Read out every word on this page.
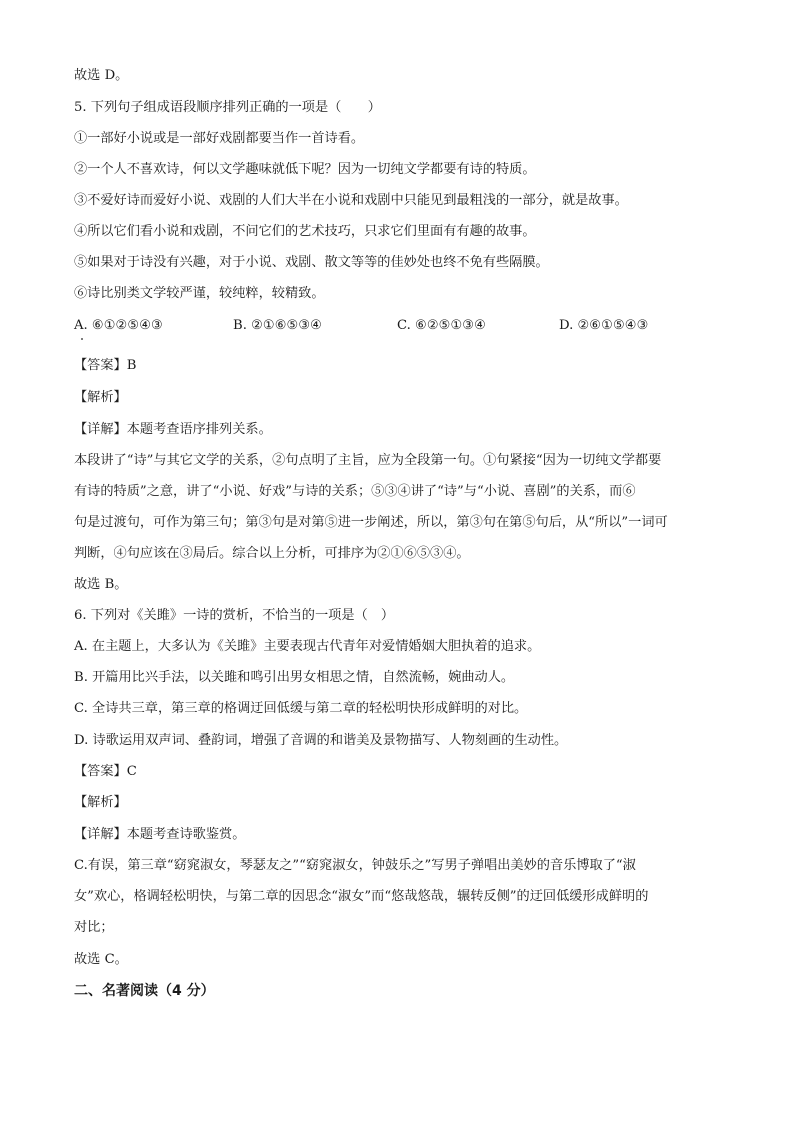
故选 D。
5. 下列句子组成语段顺序排列正确的一项是（　　）
①一部好小说或是一部好戏剧都要当作一首诗看。
②一个人不喜欢诗，何以文学趣味就低下呢？因为一切纯文学都要有诗的特质。
③不爱好诗而爱好小说、戏剧的人们大半在小说和戏剧中只能见到最粗浅的一部分，就是故事。
④所以它们看小说和戏剧，不问它们的艺术技巧，只求它们里面有有趣的故事。
⑤如果对于诗没有兴趣，对于小说、戏剧、散文等等的佳妙处也终不免有些隔膜。
⑥诗比别类文学较严谨，较纯粹，较精致。
A. ⑥①②⑤④③	B. ②①⑥⑤③④	C. ⑥②⑤①③④	D. ②⑥①⑤④③
【答案】B
【解析】
【详解】本题考查语序排列关系。
本段讲了“诗”与其它文学的关系，②句点明了主旨，应为全段第一句。①句紧接“因为一切纯文学都要
有诗的特质”之意，讲了“小说、好戏”与诗的关系；⑤③④讲了“诗”与“小说、喜剧”的关系，而⑥
句是过渡句，可作为第三句；第③句是对第⑤进一步阐述，所以，第③句在第⑤句后，从“所以”一词可
判断，④句应该在③局后。综合以上分析，可排序为②①⑥⑤③④。
故选 B。
6. 下列对《关雎》一诗的赏析，不恰当的一项是（　）
A. 在主题上，大多认为《关雎》主要表现古代青年对爱情婚姻大胆执着的追求。
B. 开篇用比兴手法，以关雎和鸣引出男女相思之情，自然流畅，婉曲动人。
C. 全诗共三章，第三章的格调迂回低缓与第二章的轻松明快形成鲜明的对比。
D. 诗歌运用双声词、叠韵词，增强了音调的和谐美及景物描写、人物刻画的生动性。
【答案】C
【解析】
【详解】本题考查诗歌鉴赏。
C.有误，第三章“窈窕淑女，琴瑟友之”“窈窕淑女，钟鼓乐之”写男子弹唱出美妙的音乐博取了“淑
女”欢心，格调轻松明快，与第二章的因思念“淑女”而“悠哉悠哉，辗转反侧”的迂回低缓形成鲜明的
对比；
故选 C。
二、名著阅读（4 分）
